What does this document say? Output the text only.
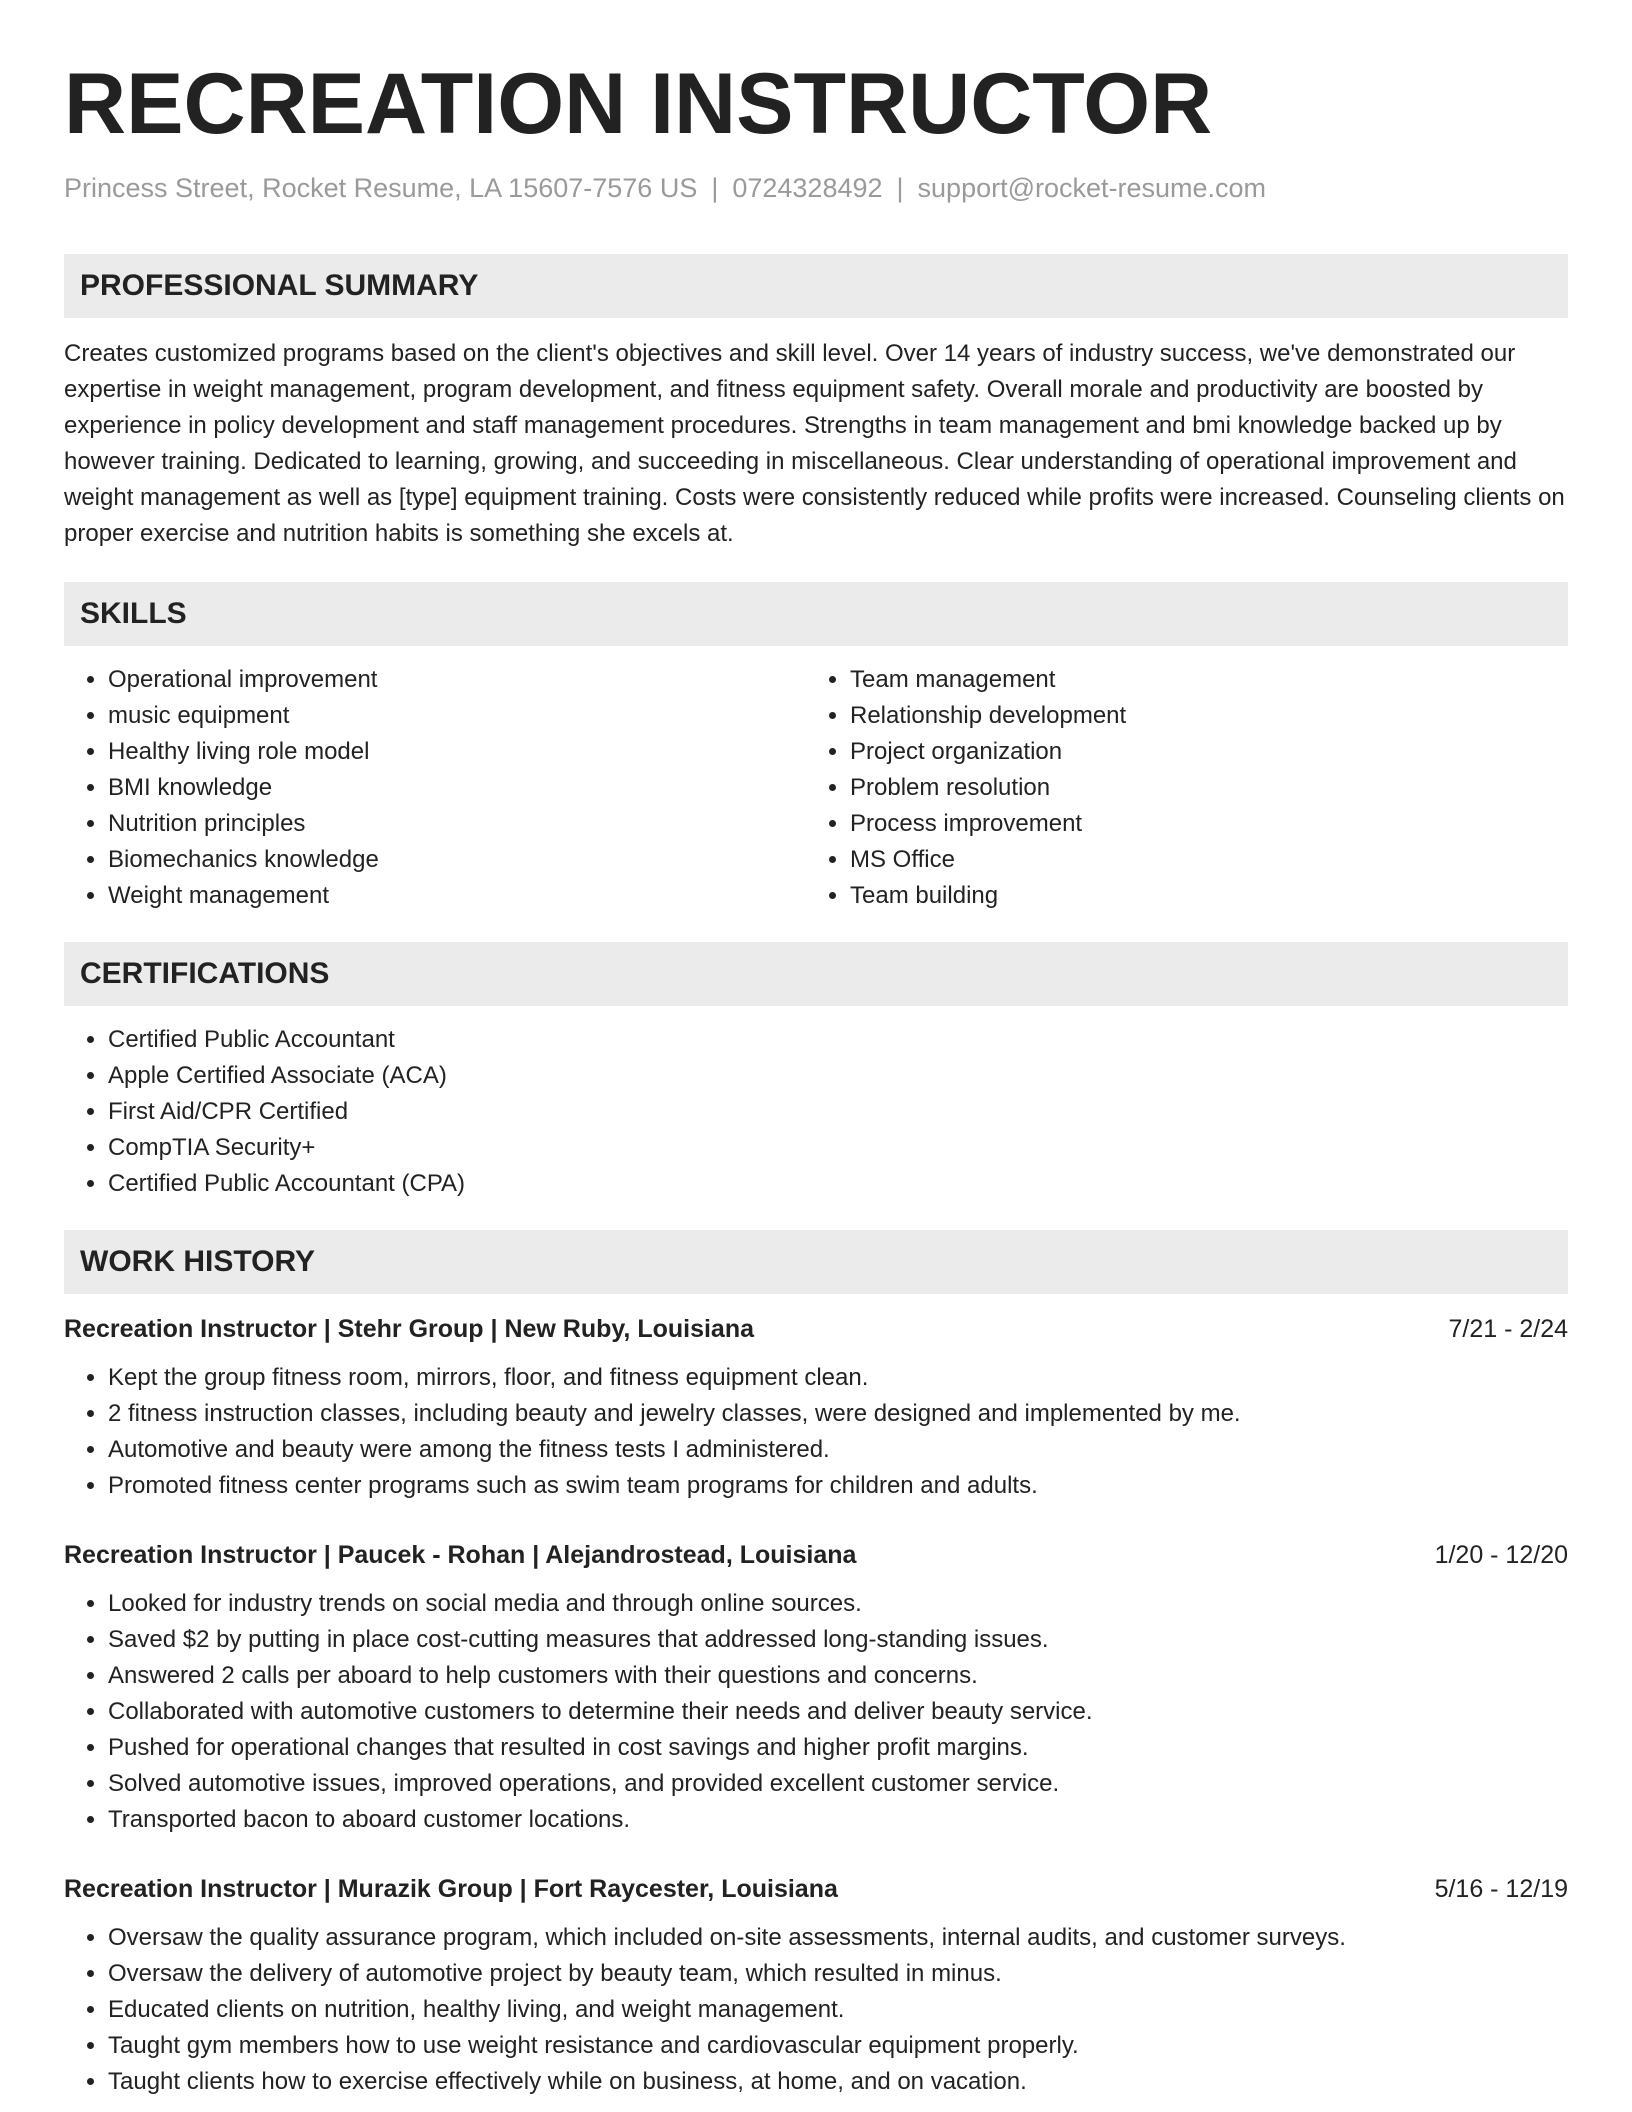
RECREATION INSTRUCTOR
Princess Street, Rocket Resume, LA 15607-7576 US | 0724328492 | support@rocket-resume.com
PROFESSIONAL SUMMARY

Creates customized programs based on the client's objectives and skill level. Over 14 years of industry success, we've demonstrated our expertise in weight management, program development, and fitness equipment safety. Overall morale and productivity are boosted by experience in policy development and staff management procedures. Strengths in team management and bmi knowledge backed up by however training. Dedicated to learning, growing, and succeeding in miscellaneous. Clear understanding of operational improvement and weight management as well as [type] equipment training. Costs were consistently reduced while profits were increased. Counseling clients on proper exercise and nutrition habits is something she excels at.

SKILLS
• Operational improvement
• music equipment
• Healthy living role model
• BMI knowledge
• Nutrition principles
• Biomechanics knowledge
• Weight management
• Team management
• Relationship development
• Project organization
• Problem resolution
• Process improvement
• MS Office
• Team building
CERTIFICATIONS
• Certified Public Accountant
• Apple Certified Associate (ACA)
• First Aid/CPR Certified
• CompTIA Security+
• Certified Public Accountant (CPA)
WORK HISTORY
Recreation Instructor | Stehr Group | New Ruby, Louisiana	7/21 - 2/24
• Kept the group fitness room, mirrors, floor, and fitness equipment clean.
• 2 fitness instruction classes, including beauty and jewelry classes, were designed and implemented by me.
• Automotive and beauty were among the fitness tests I administered.
• Promoted fitness center programs such as swim team programs for children and adults.
Recreation Instructor | Paucek - Rohan | Alejandrostead, Louisiana	1/20 - 12/20
• Looked for industry trends on social media and through online sources.
• Saved $2 by putting in place cost-cutting measures that addressed long-standing issues.
• Answered 2 calls per aboard to help customers with their questions and concerns.
• Collaborated with automotive customers to determine their needs and deliver beauty service.
• Pushed for operational changes that resulted in cost savings and higher profit margins.
• Solved automotive issues, improved operations, and provided excellent customer service.
• Transported bacon to aboard customer locations.
Recreation Instructor | Murazik Group | Fort Raycester, Louisiana	5/16 - 12/19
• Oversaw the quality assurance program, which included on-site assessments, internal audits, and customer surveys.
• Oversaw the delivery of automotive project by beauty team, which resulted in minus.
• Educated clients on nutrition, healthy living, and weight management.
• Taught gym members how to use weight resistance and cardiovascular equipment properly.
• Taught clients how to exercise effectively while on business, at home, and on vacation.
